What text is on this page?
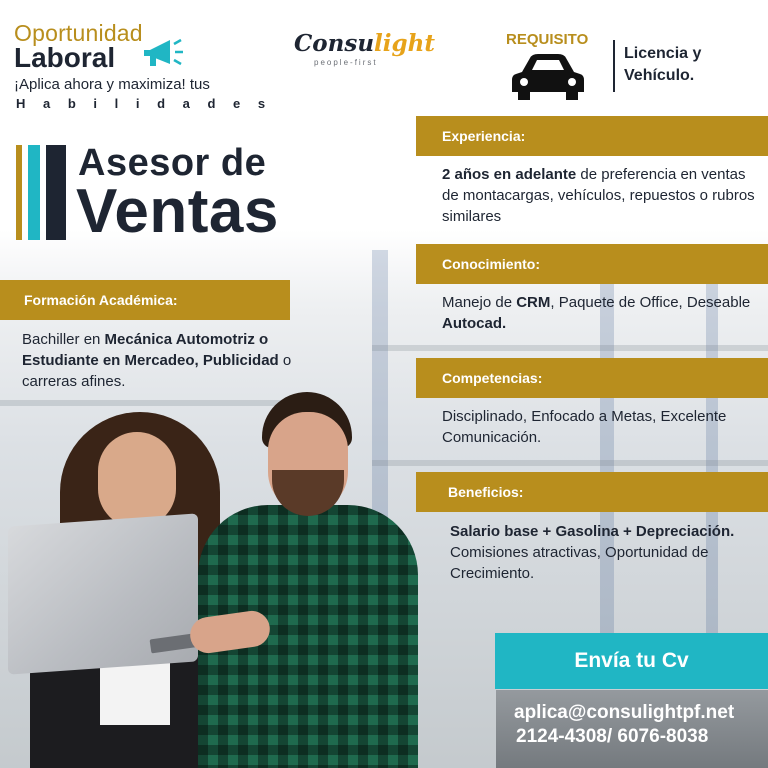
Oportunidad
Laboral
¡Aplica ahora y maximiza! tus
H a b i l i d a d e s
Consulight
people-first
REQUISITO
Licencia y Vehículo.
Asesor de
Ventas
Formación Académica:
Bachiller en Mecánica Automotriz o Estudiante en Mercadeo, Publicidad o carreras afines.
Experiencia:
2 años en adelante de preferencia en ventas de montacargas, vehículos, repuestos o rubros similares
Conocimiento:
Manejo de CRM, Paquete de Office, Deseable Autocad.
Competencias:
Disciplinado, Enfocado a Metas, Excelente Comunicación.
Beneficios:
Salario base + Gasolina + Depreciación.
Comisiones atractivas, Oportunidad de Crecimiento.
Envía tu Cv
aplica@consulightpf.net
2124-4308/ 6076-8038
